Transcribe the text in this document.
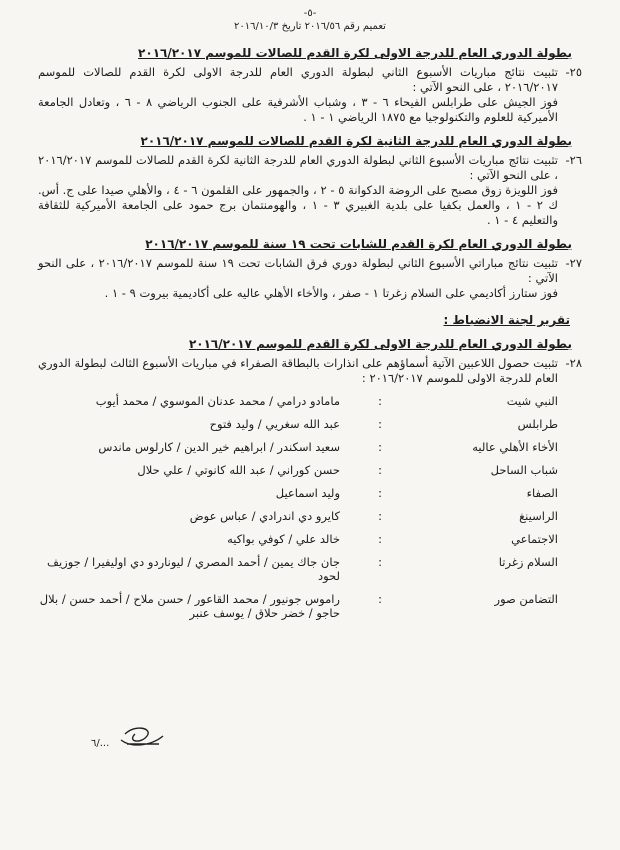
-٥-
تعميم رقم ٢٠١٦/٥٦ تاريخ ٢٠١٦/١٠/٣
بطولة الدوري العام للدرجة الاولى لكرة القدم للصالات للموسم ٢٠١٦/٢٠١٧
٢٥-

تثبيت نتائج مباريات الأسبوع الثاني لبطولة الدوري العام للدرجة الاولى لكرة القدم للصالات للموسم ٢٠١٦/٢٠١٧ ، على النحو الآتي :

فوز الجيش على طرابلس الفيحاء ٦ - ٣ ، وشباب الأشرفية على الجنوب الرياضي ٨ - ٦ ، وتعادل الجامعة الأميركية للعلوم والتكنولوجيا مع ١٨٧٥ الرياضي ١ - ١ .

بطولة الدوري العام للدرجة الثانية لكرة القدم للصالات للموسم ٢٠١٦/٢٠١٧
٢٦-

تثبيت نتائج مباريات الأسبوع الثاني لبطولة الدوري العام للدرجة الثانية لكرة القدم للصالات للموسم ٢٠١٦/٢٠١٧ ، على النحو الآتي :

فوز اللويزة زوق مصبح على الروضة الدكوانة ٥ - ٢ ، والجمهور على القلمون ٦ - ٤ ، والأهلي صيدا على ج. أس. ك ٢ - ١ ، والعمل بكفيا على بلدية الغبيري ٣ - ١ ، والهومنتمان برج حمود على الجامعة الأميركية للثقافة والتعليم ٤ - ١ .

بطولة الدوري العام لكرة القدم للشابات تحت ١٩ سنة للموسم ٢٠١٦/٢٠١٧
٢٧-

تثبيت نتائج مباراتي الأسبوع الثاني لبطولة دوري فرق الشابات تحت ١٩ سنة للموسم ٢٠١٦/٢٠١٧ ، على النحو الآتي :

فوز ستارز أكاديمي على السلام زغرتا ١ - صفر ، والأخاء الأهلي عاليه على أكاديمية بيروت ٩ - ١ .

تقرير لجنة الانضباط :
بطولة الدوري العام للدرجة الاولى لكرة القدم للموسم ٢٠١٦/٢٠١٧
٢٨-

تثبيت حصول اللاعبين الآتية أسماؤهم على انذارات بالبطاقة الصفراء في مباريات الأسبوع الثالث لبطولة الدوري العام للدرجة الاولى للموسم ٢٠١٦/٢٠١٧ :

النبي شيت	:	مامادو درامي / محمد عدنان الموسوي / محمد أيوب
طرابلس	:	عبد الله سغريي / وليد فتوح
الأخاء الأهلي عاليه	:	سعيد اسكندر / ابراهيم خير الدين / كارلوس ماندس
شباب الساحل	:	حسن كوراني / عبد الله كانوتي / علي حلال
الصفاء	:	وليد اسماعيل
الراسينغ	:	كايرو دي اندرادي / عباس عوض
الاجتماعي	:	خالد علي / كوفي بواكيه
السلام زغرتا	:	جان جاك يمين / أحمد المصري / ليوناردو دي اوليفيرا / جوزيف لحود
التضامن صور	:	راموس جونيور / محمد القاعور / حسن ملاح / أحمد حسن / بلال حاجو / خضر حلاق / يوسف عنبر
٦/...
